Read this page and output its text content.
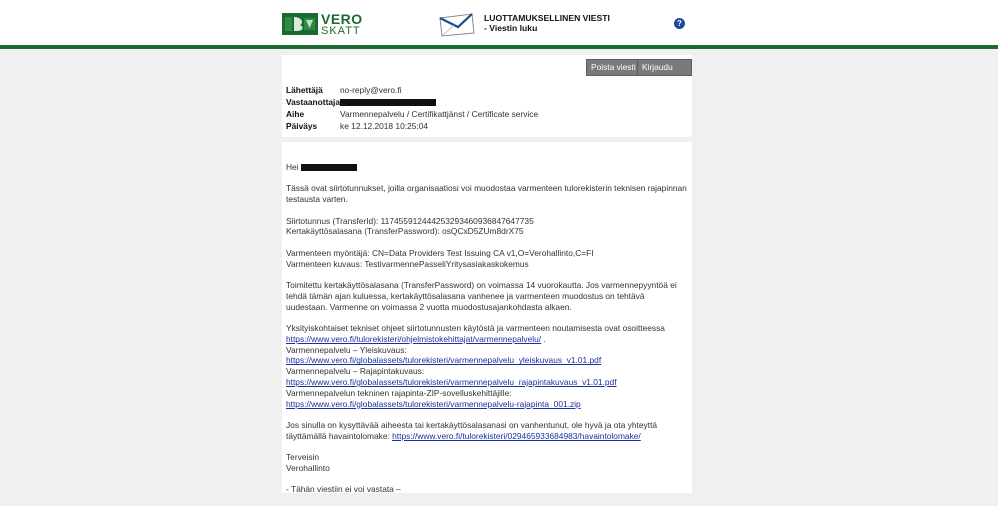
VERO
SKATT
LUOTTAMUKSELLINEN VIESTI
- Viestin luku	?
Poista viesti Kirjaudu ulos
Lähettäjä	no-reply@vero.fi
Vastaanottaja
Aihe	Varmennepalvelu / Certifikattjänst / Certificate service
Päiväys	ke 12.12.2018 10:25:04

Hei

Tässä ovat siirtotunnukset, joilla organisaatiosi voi muodostaa varmenteen tulorekisterin teknisen rajapinnan testausta varten.

Siirtotunnus (TransferId): 117455912444253293460936847647735
Kertakäyttösalasana (TransferPassword): osQCxD5ZUm8drX75

Varmenteen myöntäjä: CN=Data Providers Test Issuing CA v1,O=Verohallinto,C=FI
Varmenteen kuvaus: TestivarmennePasseliYritysasiakaskokemus

Toimitettu kertakäyttösalasana (TransferPassword) on voimassa 14 vuorokautta. Jos varmennepyyntöä ei tehdä tämän ajan kuluessa, kertakäyttösalasana vanhenee ja varmenteen muodostus on tehtävä uudestaan. Varmenne on voimassa 2 vuotta muodostusajankohdasta alkaen.

Yksityiskohtaiset tekniset ohjeet siirtotunnusten käytöstä ja varmenteen noutamisesta ovat osoitteessa
https://www.vero.fi/tulorekisteri/ohjelmistokehittajat/varmennepalvelu/ .
Varmennepalvelu – Yleiskuvaus: https://www.vero.fi/globalassets/tulorekisteri/varmennepalvelu_yleiskuvaus_v1.01.pdf
Varmennepalvelu – Rajapintakuvaus:
https://www.vero.fi/globalassets/tulorekisteri/varmennepalvelu_rajapintakuvaus_v1.01.pdf
Varmennepalvelun tekninen rajapinta-ZIP-sovelluskehittäjille:
https://www.vero.fi/globalassets/tulorekisteri/varmennepalvelu-rajapinta_001.zip

Jos sinulla on kysyttävää aiheesta tai kertakäyttösalasanasi on vanhentunut, ole hyvä ja ota yhteyttä täyttämällä havaintolomake: https://www.vero.fi/tulorekisteri/029465933684983/havaintolomake/

Terveisin
Verohallinto

- Tähän viestiin ei voi vastata –
